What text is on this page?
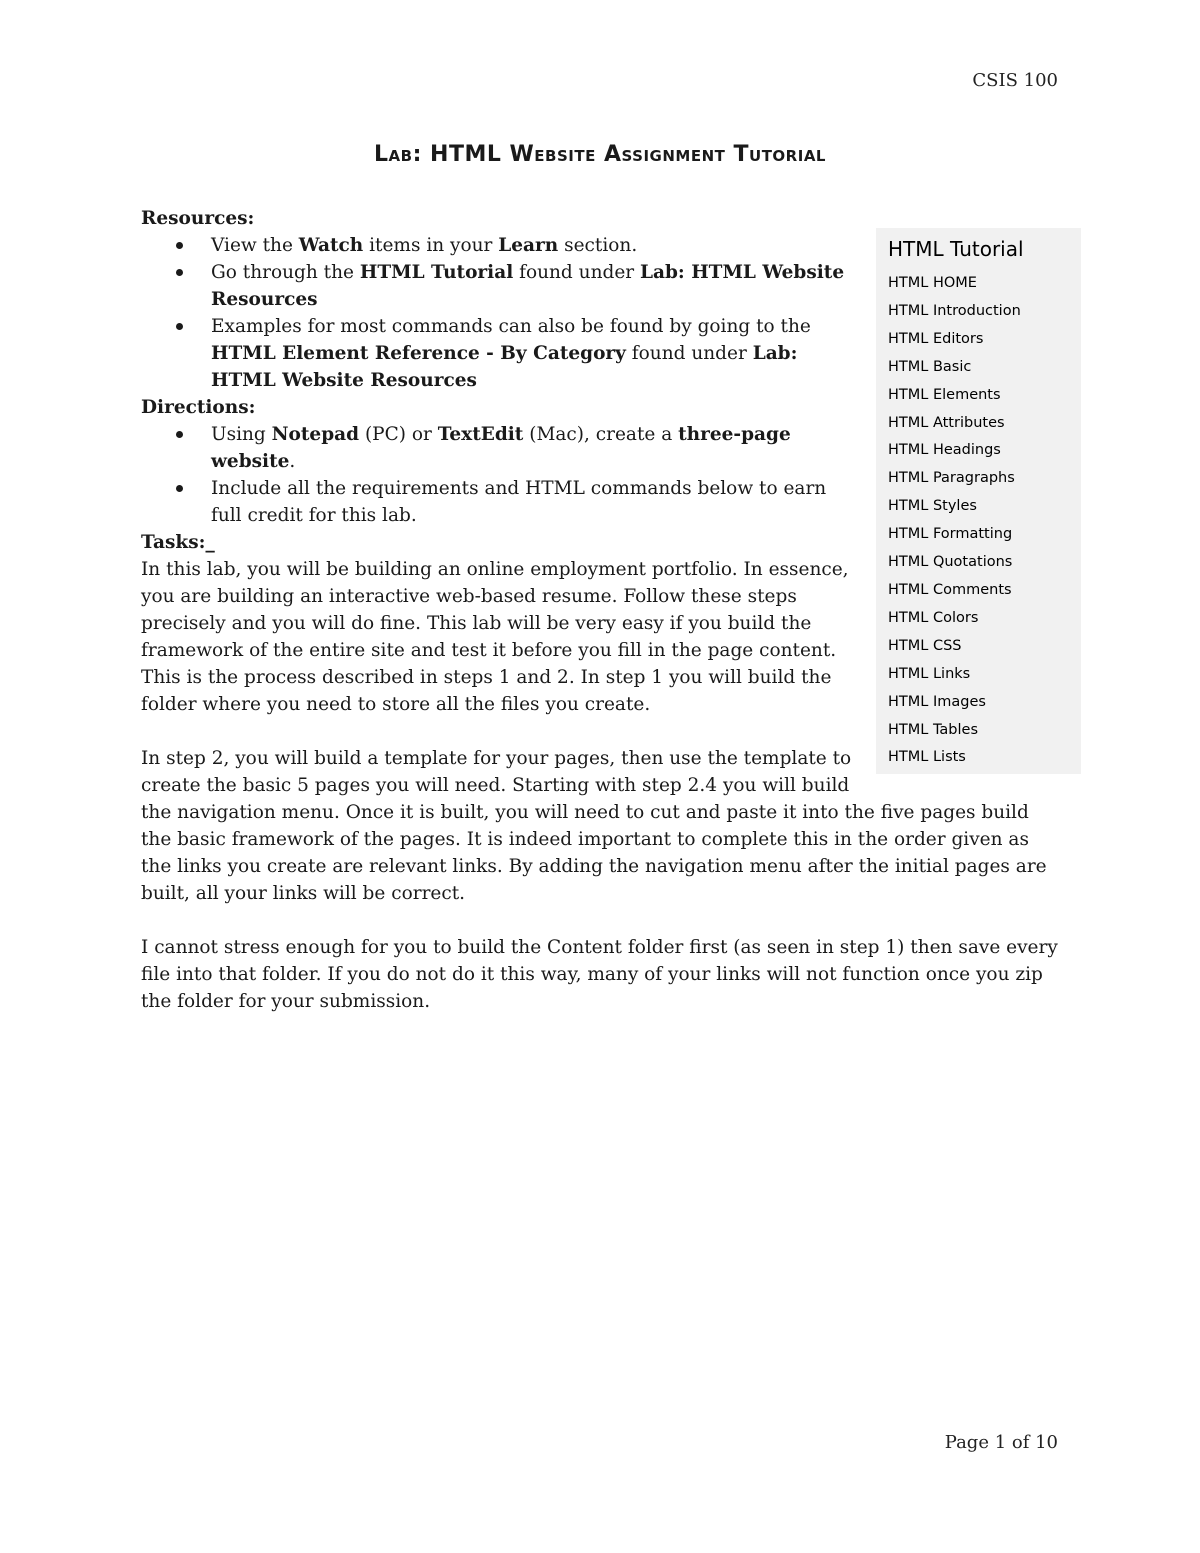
CSIS 100
Lab: HTML Website Assignment Tutorial
HTML Tutorial
HTML HOME
HTML Introduction
HTML Editors
HTML Basic
HTML Elements
HTML Attributes
HTML Headings
HTML Paragraphs
HTML Styles
HTML Formatting
HTML Quotations
HTML Comments
HTML Colors
HTML CSS
HTML Links
HTML Images
HTML Tables
HTML Lists
Resources:
View the Watch items in your Learn section.
Go through the HTML Tutorial found under Lab: HTML Website Resources
Examples for most commands can also be found by going to the HTML Element Reference - By Category found under Lab: HTML Website Resources
Directions:
Using Notepad (PC) or TextEdit (Mac), create a three-page website.
Include all the requirements and HTML commands below to earn full credit for this lab.
Tasks:_

In this lab, you will be building an online employment portfolio. In essence, you are building an interactive web-based resume. Follow these steps precisely and you will do fine. This lab will be very easy if you build the framework of the entire site and test it before you fill in the page content. This is the process described in steps 1 and 2. In step 1 you will build the folder where you need to store all the files you create.

In step 2, you will build a template for your pages, then use the template to create the basic 5 pages you will need. Starting with step 2.4 you will build the navigation menu. Once it is built, you will need to cut and paste it into the five pages build the basic framework of the pages. It is indeed important to complete this in the order given as the links you create are relevant links. By adding the navigation menu after the initial pages are built, all your links will be correct.

I cannot stress enough for you to build the Content folder first (as seen in step 1) then save every file into that folder. If you do not do it this way, many of your links will not function once you zip the folder for your submission.

Page 1 of 10
